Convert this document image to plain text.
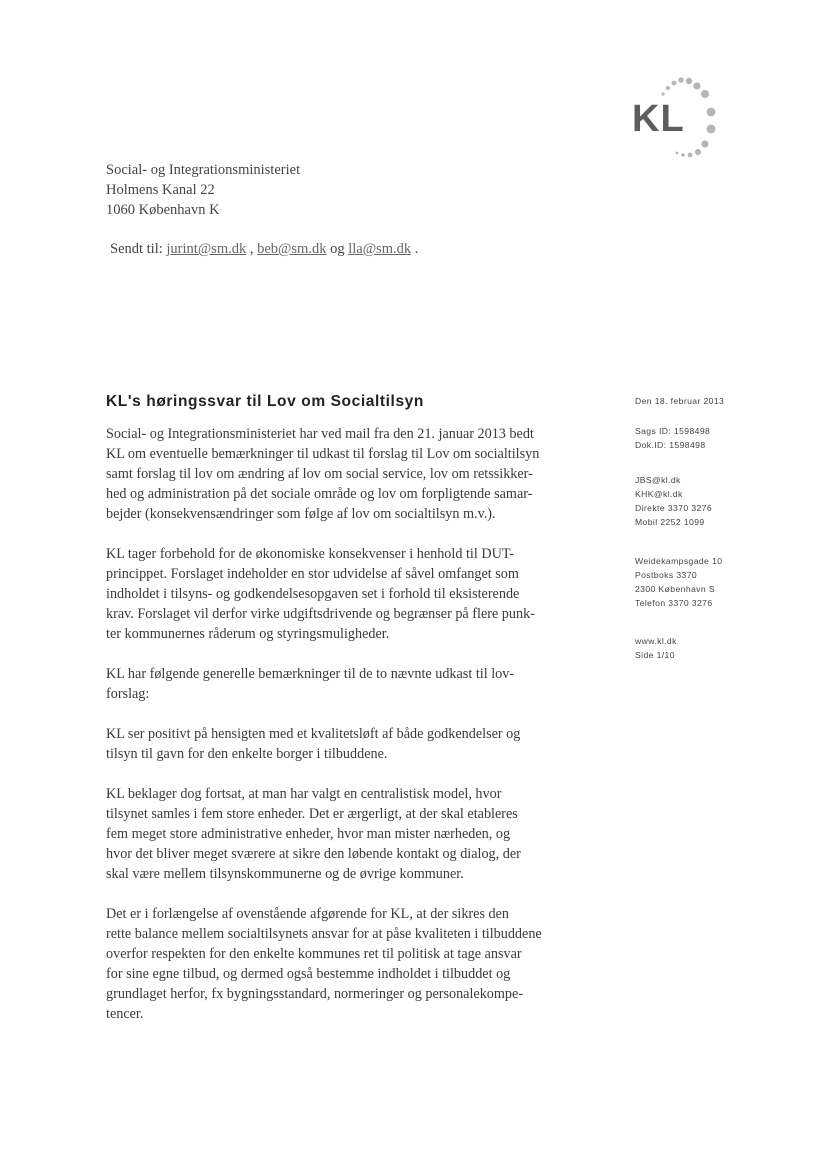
KL
Social- og Integrationsministeriet
Holmens Kanal 22
1060 København K
Sendt til: jurint@sm.dk , beb@sm.dk og lla@sm.dk .
KL's høringssvar til Lov om Socialtilsyn
Social- og Integrationsministeriet har ved mail fra den 21. januar 2013 bedt
KL om eventuelle bemærkninger til udkast til forslag til Lov om socialtilsyn
samt forslag til lov om ændring af lov om social service, lov om retssikker-
hed og administration på det sociale område og lov om forpligtende samar-
bejder (konsekvensændringer som følge af lov om socialtilsyn m.v.).
KL tager forbehold for de økonomiske konsekvenser i henhold til DUT-
princippet. Forslaget indeholder en stor udvidelse af såvel omfanget som
indholdet i tilsyns- og godkendelsesopgaven set i forhold til eksisterende
krav. Forslaget vil derfor virke udgiftsdrivende og begrænser på flere punk-
ter kommunernes råderum og styringsmuligheder.
KL har følgende generelle bemærkninger til de to nævnte udkast til lov-
forslag:
KL ser positivt på hensigten med et kvalitetsløft af både godkendelser og
tilsyn til gavn for den enkelte borger i tilbuddene.
KL beklager dog fortsat, at man har valgt en centralistisk model, hvor
tilsynet samles i fem store enheder. Det er ærgerligt, at der skal etableres
fem meget store administrative enheder, hvor man mister nærheden, og
hvor det bliver meget sværere at sikre den løbende kontakt og dialog, der
skal være mellem tilsynskommunerne og de øvrige kommuner.
Det er i forlængelse af ovenstående afgørende for KL, at der sikres den
rette balance mellem socialtilsynets ansvar for at påse kvaliteten i tilbuddene
overfor respekten for den enkelte kommunes ret til politisk at tage ansvar
for sine egne tilbud, og dermed også bestemme indholdet i tilbuddet og
grundlaget herfor, fx bygningsstandard, normeringer og personalekompe-
tencer.
Den 18. februar 2013
Sags ID: 1598498
Dok.ID: 1598498
JBS@kl.dk
KHK@kl.dk
Direkte 3370 3276
Mobil 2252 1099
Weidekampsgade 10
Postboks 3370
2300 København S
Telefon 3370 3276
www.kl.dk
Side 1/10
